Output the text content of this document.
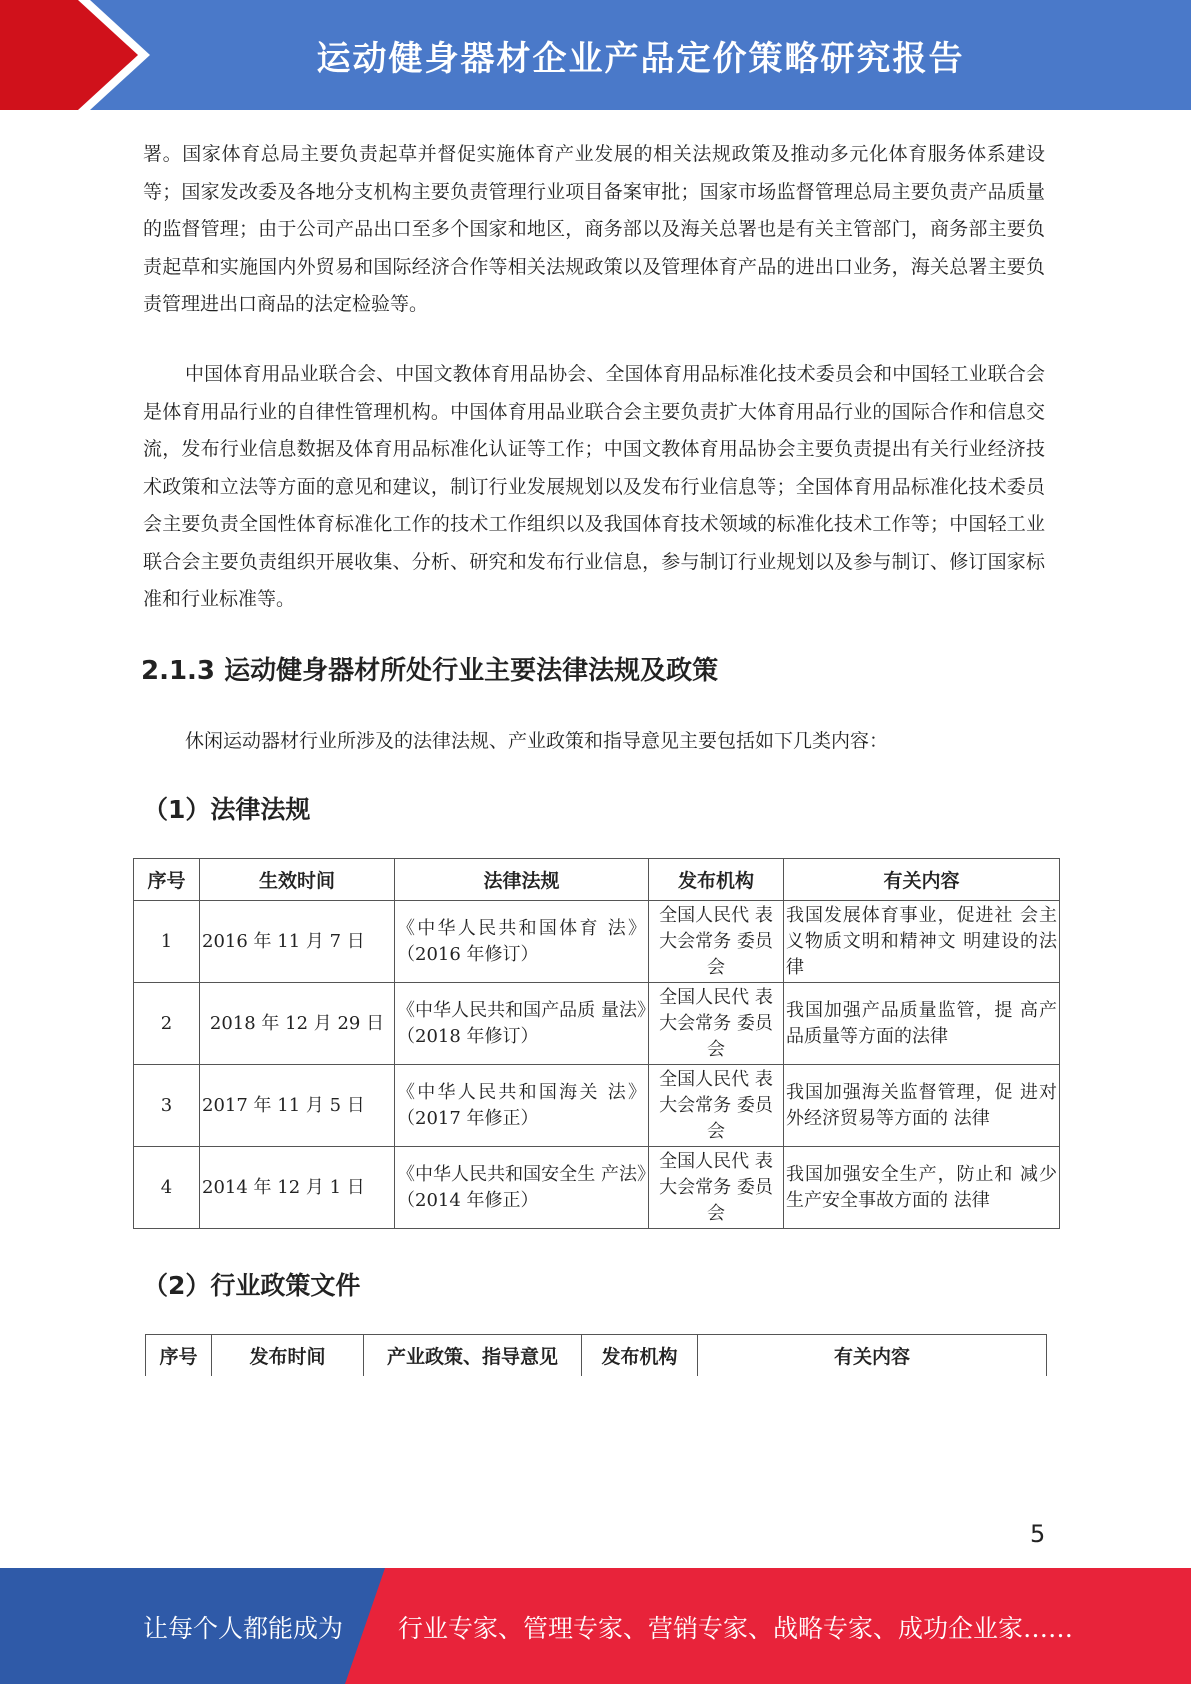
运动健身器材企业产品定价策略研究报告

署。国家体育总局主要负责起草并督促实施体育产业发展的相关法规政策及推动多元化体育服务体系建设等；国家发改委及各地分支机构主要负责管理行业项目备案审批；国家市场监督管理总局主要负责产品质量的监督管理；由于公司产品出口至多个国家和地区，商务部以及海关总署也是有关主管部门，商务部主要负责起草和实施国内外贸易和国际经济合作等相关法规政策以及管理体育产品的进出口业务，海关总署主要负责管理进出口商品的法定检验等。

中国体育用品业联合会、中国文教体育用品协会、全国体育用品标准化技术委员会和中国轻工业联合会是体育用品行业的自律性管理机构。中国体育用品业联合会主要负责扩大体育用品行业的国际合作和信息交流，发布行业信息数据及体育用品标准化认证等工作；中国文教体育用品协会主要负责提出有关行业经济技术政策和立法等方面的意见和建议，制订行业发展规划以及发布行业信息等；全国体育用品标准化技术委员会主要负责全国性体育标准化工作的技术工作组织以及我国体育技术领域的标准化技术工作等；中国轻工业联合会主要负责组织开展收集、分析、研究和发布行业信息，参与制订行业规划以及参与制订、修订国家标准和行业标准等。

2.1.3 运动健身器材所处行业主要法律法规及政策

休闲运动器材行业所涉及的法律法规、产业政策和指导意见主要包括如下几类内容：

（1）法律法规
序号	生效时间	法律法规	发布机构	有关内容
1	2016 年 11 月 7 日	《中华人民共和国体育 法》（2016 年修订）	全国人民代 表大会常务 委员会	我国发展体育事业，促进社 会主义物质文明和精神文 明建设的法律
2	2018 年 12 月 29 日	《中华人民共和国产品质 量法》（2018 年修订）	全国人民代 表大会常务 委员会	我国加强产品质量监管，提 高产品质量等方面的法律
3	2017 年 11 月 5 日	《中华人民共和国海关 法》（2017 年修正）	全国人民代 表大会常务 委员会	我国加强海关监督管理，促 进对外经济贸易等方面的 法律
4	2014 年 12 月 1 日	《中华人民共和国安全生 产法》（2014 年修正）	全国人民代 表大会常务 委员会	我国加强安全生产，防止和 减少生产安全事故方面的 法律
（2）行业政策文件
序号	发布时间	产业政策、指导意见	发布机构	有关内容
5
让每个人都能成为 行业专家、管理专家、营销专家、战略专家、成功企业家……
